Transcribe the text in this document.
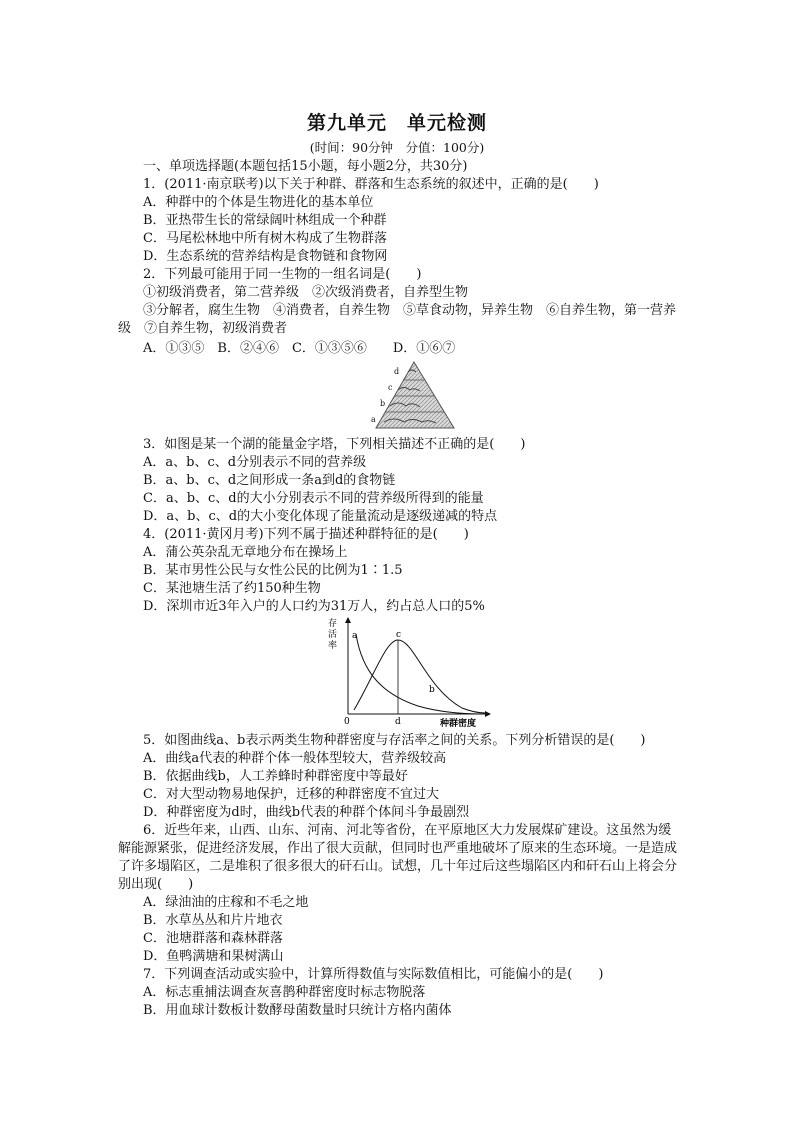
第九单元　单元检测
(时间：90分钟　分值：100分)
一、单项选择题(本题包括15小题，每小题2分，共30分)
1．(2011·南京联考)以下关于种群、群落和生态系统的叙述中，正确的是(　　)
A．种群中的个体是生物进化的基本单位
B．亚热带生长的常绿阔叶林组成一个种群
C．马尾松林地中所有树木构成了生物群落
D．生态系统的营养结构是食物链和食物网
2．下列最可能用于同一生物的一组名词是(　　)
①初级消费者，第二营养级　②次级消费者，自养型生物
③分解者，腐生生物　④消费者，自养生物　⑤草食动物，异养生物　⑥自养生物，第一营养级　⑦自养生物，初级消费者
A．①③⑤　B．②④⑥　C．①③⑤⑥　　D．①⑥⑦
d
c
b
a
3．如图是某一个湖的能量金字塔，下列相关描述不正确的是(　　)
A．a、b、c、d分别表示不同的营养级
B．a、b、c、d之间形成一条a到d的食物链
C．a、b、c、d的大小分别表示不同的营养级所得到的能量
D．a、b、c、d的大小变化体现了能量流动是逐级递减的特点
4．(2011·黄冈月考)下列不属于描述种群特征的是(　　)
A．蒲公英杂乱无章地分布在操场上
B．某市男性公民与女性公民的比例为1∶1.5
C．某池塘生活了约150种生物
D．深圳市近3年入户的人口约为31万人，约占总人口的5%
存 活 率
种群密度
0	d
a
b
c
5．如图曲线a、b表示两类生物种群密度与存活率之间的关系。下列分析错误的是(　　)
A．曲线a代表的种群个体一般体型较大，营养级较高
B．依据曲线b，人工养蜂时种群密度中等最好
C．对大型动物易地保护，迁移的种群密度不宜过大
D．种群密度为d时，曲线b代表的种群个体间斗争最剧烈
6．近些年来，山西、山东、河南、河北等省份，在平原地区大力发展煤矿建设。这虽然为缓解能源紧张，促进经济发展，作出了很大贡献，但同时也严重地破坏了原来的生态环境。一是造成了许多塌陷区，二是堆积了很多很大的矸石山。试想，几十年过后这些塌陷区内和矸石山上将会分别出现(　　)
A．绿油油的庄稼和不毛之地
B．水草丛丛和片片地衣
C．池塘群落和森林群落
D．鱼鸭满塘和果树满山
7．下列调查活动或实验中，计算所得数值与实际数值相比，可能偏小的是(　　)
A．标志重捕法调查灰喜鹊种群密度时标志物脱落
B．用血球计数板计数酵母菌数量时只统计方格内菌体
